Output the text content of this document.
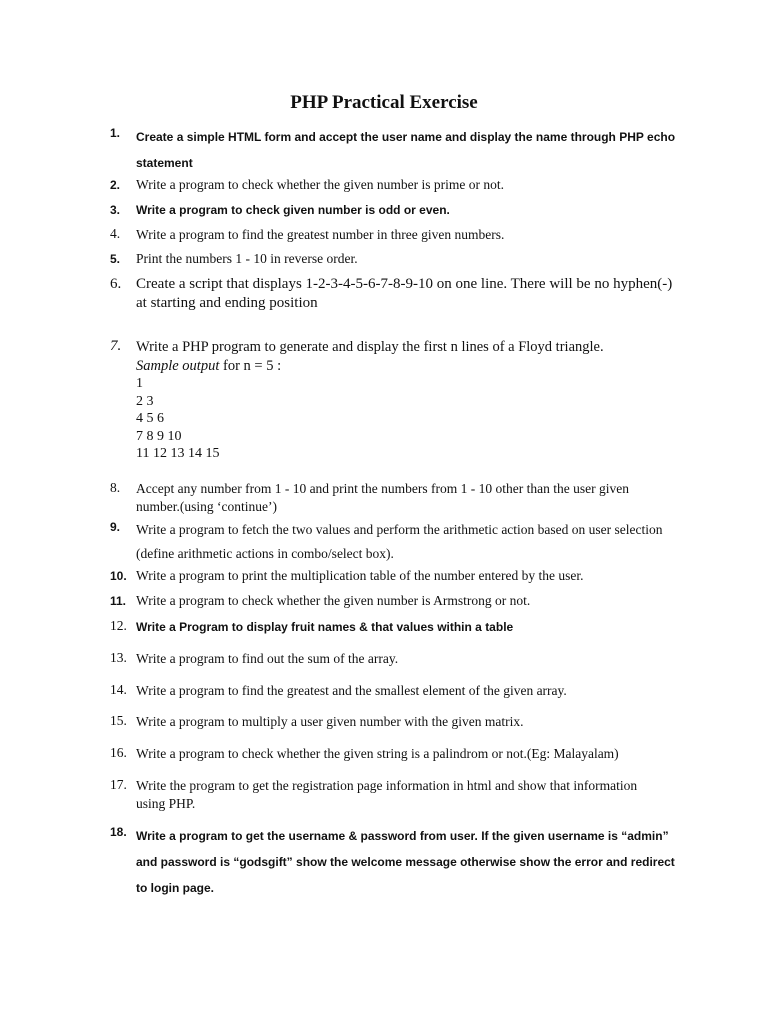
PHP Practical Exercise
1.	Create a simple HTML form and accept the user name and display the name through PHP echo
statement
2.	Write a program to check whether the given number is prime or not.
3.	Write a program to check given number is odd or even.
4.	Write a program to find the greatest number in three given numbers.
5.	Print the numbers 1 - 10 in reverse order.
6. Create a script that displays 1-2-3-4-5-6-7-8-9-10 on one line. There will be no hyphen(-)
at starting and ending position
7.	Write a PHP program to generate and display the first n lines of a Floyd triangle.
Sample output for n = 5 :
1
2 3
4 5 6
7 8 9 10
11 12 13 14 15
8.	Accept any number from 1 - 10 and print the numbers from 1 - 10 other than the user given
number.(using ‘continue’)
9.	Write a program to fetch the two values and perform the arithmetic action based on user selection
(define arithmetic actions in combo/select box).
10. Write a program to print the multiplication table of the number entered by the user.
11. Write a program to check whether the given number is Armstrong or not.
12. Write a Program to display fruit names & that values within a table
13. Write a program to find out the sum of the array.
14. Write a program to find the greatest and the smallest element of the given array.
15. Write a program to multiply a user given number with the given matrix.
16. Write a program to check whether the given string is a palindrom or not.(Eg: Malayalam)
17. Write the program to get the registration page information in html and show that information
using PHP.
18. Write a program to get the username & password from user. If the given username is “admin”
and password is “godsgift” show the welcome message otherwise show the error and redirect
to login page.
